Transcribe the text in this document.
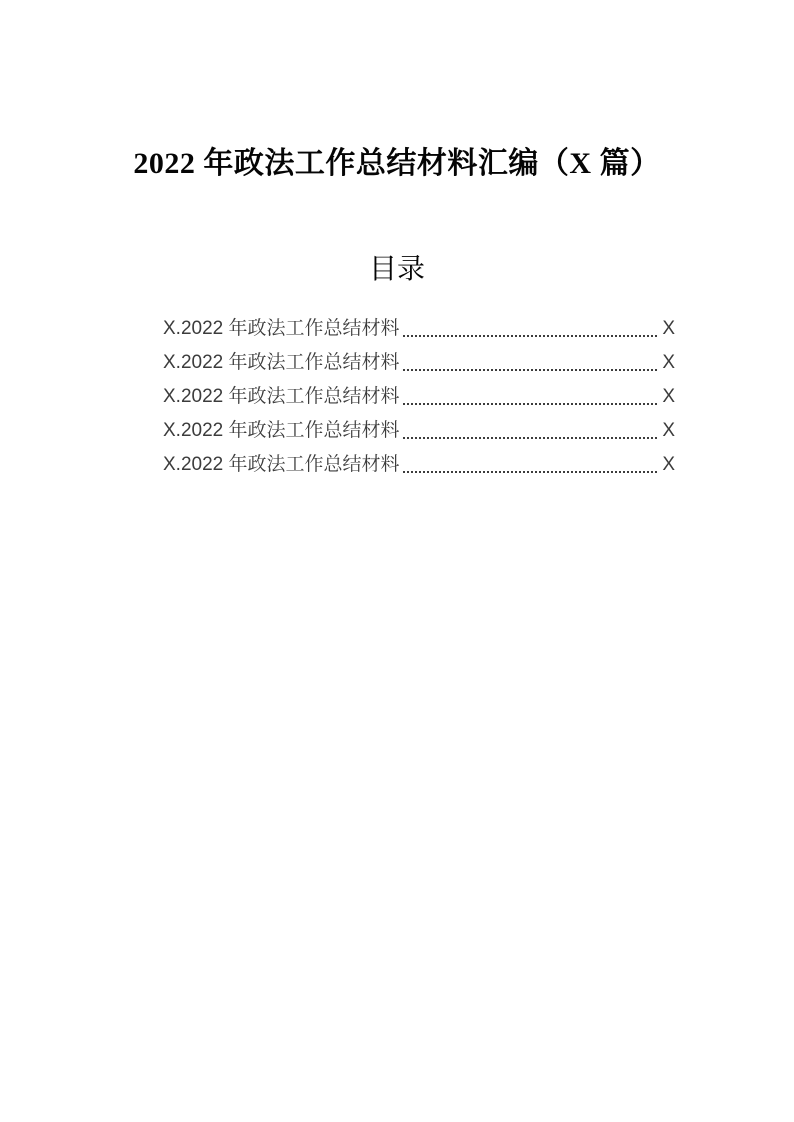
2022 年政法工作总结材料汇编（X 篇）
目录
X.2022 年政法工作总结材料	X
X.2022 年政法工作总结材料	X
X.2022 年政法工作总结材料	X
X.2022 年政法工作总结材料	X
X.2022 年政法工作总结材料	X
